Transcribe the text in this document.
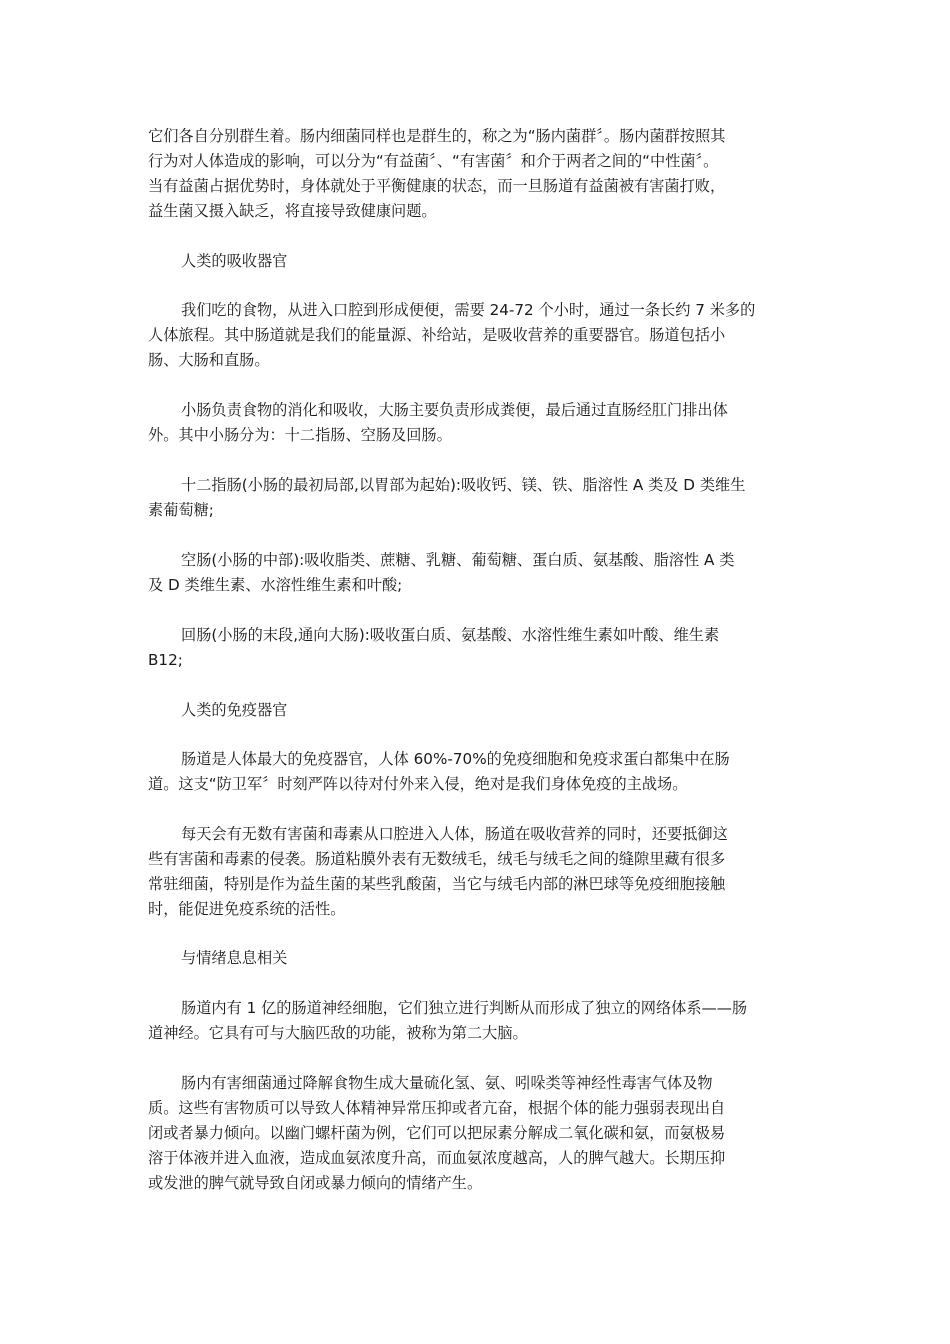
它们各自分别群生着。肠内细菌同样也是群生的，称之为“肠内菌群〞。肠内菌群按照其

行为对人体造成的影响，可以分为“有益菌〞、“有害菌〞和介于两者之间的“中性菌〞。

当有益菌占据优势时，身体就处于平衡健康的状态，而一旦肠道有益菌被有害菌打败，

益生菌又摄入缺乏，将直接导致健康问题。

人类的吸收器官

我们吃的食物，从进入口腔到形成便便，需要 24-72 个小时，通过一条长约 7 米多的

人体旅程。其中肠道就是我们的能量源、补给站，是吸收营养的重要器官。肠道包括小

肠、大肠和直肠。

小肠负责食物的消化和吸收，大肠主要负责形成粪便，最后通过直肠经肛门排出体

外。其中小肠分为：十二指肠、空肠及回肠。

十二指肠(小肠的最初局部,以胃部为起始):吸收钙、镁、铁、脂溶性 A 类及 D 类维生

素葡萄糖;

空肠(小肠的中部):吸收脂类、蔗糖、乳糖、葡萄糖、蛋白质、氨基酸、脂溶性 A 类

及 D 类维生素、水溶性维生素和叶酸;

回肠(小肠的末段,通向大肠):吸收蛋白质、氨基酸、水溶性维生素如叶酸、维生素

B12;

人类的免疫器官

肠道是人体最大的免疫器官，人体 60%-70%的免疫细胞和免疫求蛋白都集中在肠

道。这支“防卫军〞时刻严阵以待对付外来入侵，绝对是我们身体免疫的主战场。

每天会有无数有害菌和毒素从口腔进入人体，肠道在吸收营养的同时，还要抵御这

些有害菌和毒素的侵袭。肠道粘膜外表有无数绒毛，绒毛与绒毛之间的缝隙里藏有很多

常驻细菌，特别是作为益生菌的某些乳酸菌，当它与绒毛内部的淋巴球等免疫细胞接触

时，能促进免疫系统的活性。

与情绪息息相关

肠道内有 1 亿的肠道神经细胞，它们独立进行判断从而形成了独立的网络体系——肠

道神经。它具有可与大脑匹敌的功能，被称为第二大脑。

肠内有害细菌通过降解食物生成大量硫化氢、氨、吲哚类等神经性毒害气体及物

质。这些有害物质可以导致人体精神异常压抑或者亢奋，根据个体的能力强弱表现出自

闭或者暴力倾向。以幽门螺杆菌为例，它们可以把尿素分解成二氧化碳和氨，而氨极易

溶于体液并进入血液，造成血氨浓度升高，而血氨浓度越高，人的脾气越大。长期压抑

或发泄的脾气就导致自闭或暴力倾向的情绪产生。
